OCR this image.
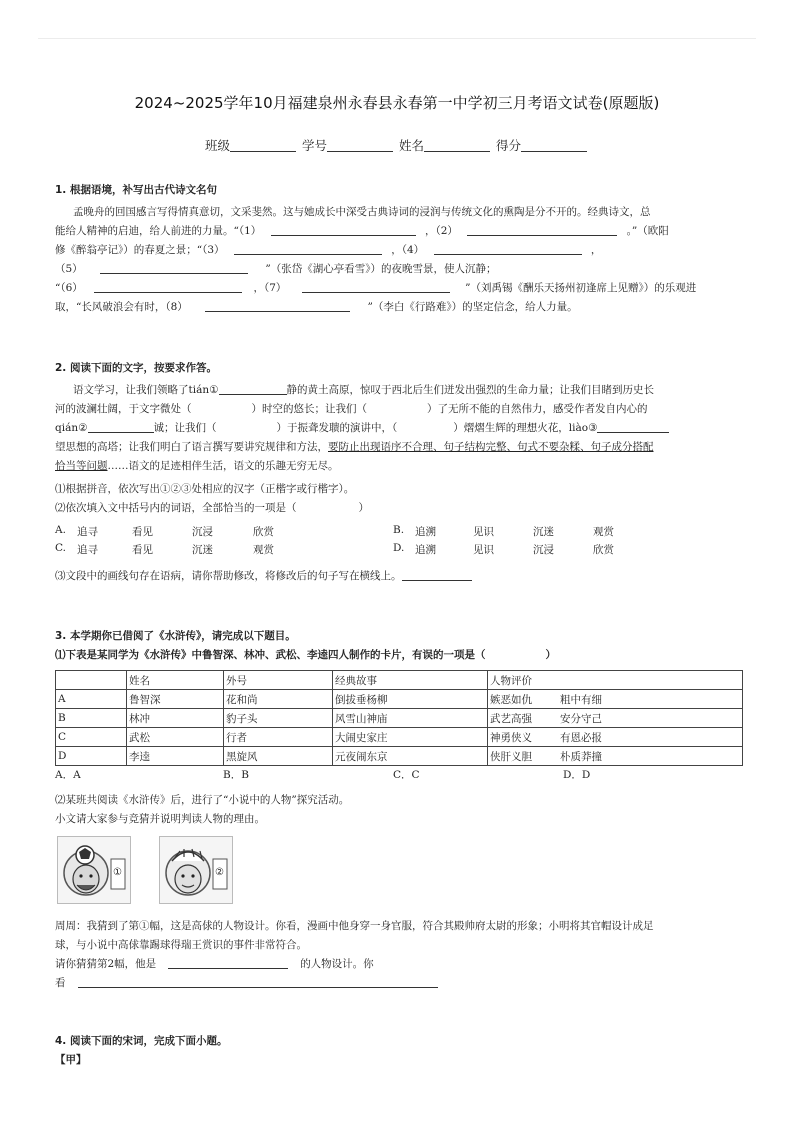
2024~2025学年10月福建泉州永春县永春第一中学初三月考语文试卷(原题版)
班级	学号	姓名	得分
1. 根据语境，补写出古代诗文名句
孟晚舟的回国感言写得情真意切，文采斐然。这与她成长中深受古典诗词的浸润与传统文化的熏陶是分不开的。经典诗文，总
能给人精神的启迪，给人前进的力量。“（1）	，（2）	。”（欧阳
修《醉翁亭记》）的春夏之景；“（3）	，（4）	，
（5）	”（张岱《湖心亭看雪》）的夜晚雪景，使人沉静；
“（6）	，（7）	”（刘禹锡《酬乐天扬州初逢席上见赠》）的乐观进
取，“长风破浪会有时，（8）	”（李白《行路难》）的坚定信念，给人力量。
2. 阅读下面的文字，按要求作答。
语文学习，让我们领略了tián①	静的黄土高原，惊叹于西北后生们迸发出强烈的生命力量；让我们目睹到历史长
河的波澜壮阔，于文字微处（	）时空的悠长；让我们（	）了无所不能的自然伟力，感受作者发自内心的
qián②	诚；让我们（	）于振聋发聩的演讲中，（	）熠熠生辉的理想火花，liào③
望思想的高塔；让我们明白了语言撰写要讲究规律和方法，要防止出现语序不合理、句子结构完整、句式不要杂糅、句子成分搭配
恰当等问题……语文的足迹相伴生活，语文的乐趣无穷无尽。
⑴根据拼音，依次写出①②③处相应的汉字（正楷字或行楷字）。
⑵依次填入文中括号内的词语，全部恰当的一项是（	）
A. 追寻	看见	沉浸	欣赏	B. 追溯	见识	沉迷	观赏
C. 追寻	看见	沉迷	观赏	D. 追溯	见识	沉浸	欣赏
⑶文段中的画线句存在语病，请你帮助修改，将修改后的句子写在横线上。
3. 本学期你已借阅了《水浒传》，请完成以下题目。
⑴下表是某同学为《水浒传》中鲁智深、林冲、武松、李逵四人制作的卡片，有误的一项是（	）
	姓名	外号	经典故事	人物评价
A	鲁智深	花和尚	倒拔垂杨柳	嫉恶如仇 粗中有细
B	林冲	豹子头	风雪山神庙	武艺高强 安分守己
C	武松	行者	大闹史家庄	神勇侠义 有恩必报
D	李逵	黑旋风	元夜闹东京	侠肝义胆 朴质莽撞
A．A	B．B	C．C	D．D
⑵某班共阅读《水浒传》后，进行了“小说中的人物”探究活动。
小文请大家参与竞猜并说明判读人物的理由。
①	②
周周：我猜到了第①幅，这是高俅的人物设计。你看，漫画中他身穿一身官服，符合其殿帅府太尉的形象；小明将其官帽设计成足
球，与小说中高俅靠踢球得瑞王赏识的事件非常符合。
请你猜猜第2幅，他是	的人物设计。你
看
4. 阅读下面的宋词，完成下面小题。
【甲】
